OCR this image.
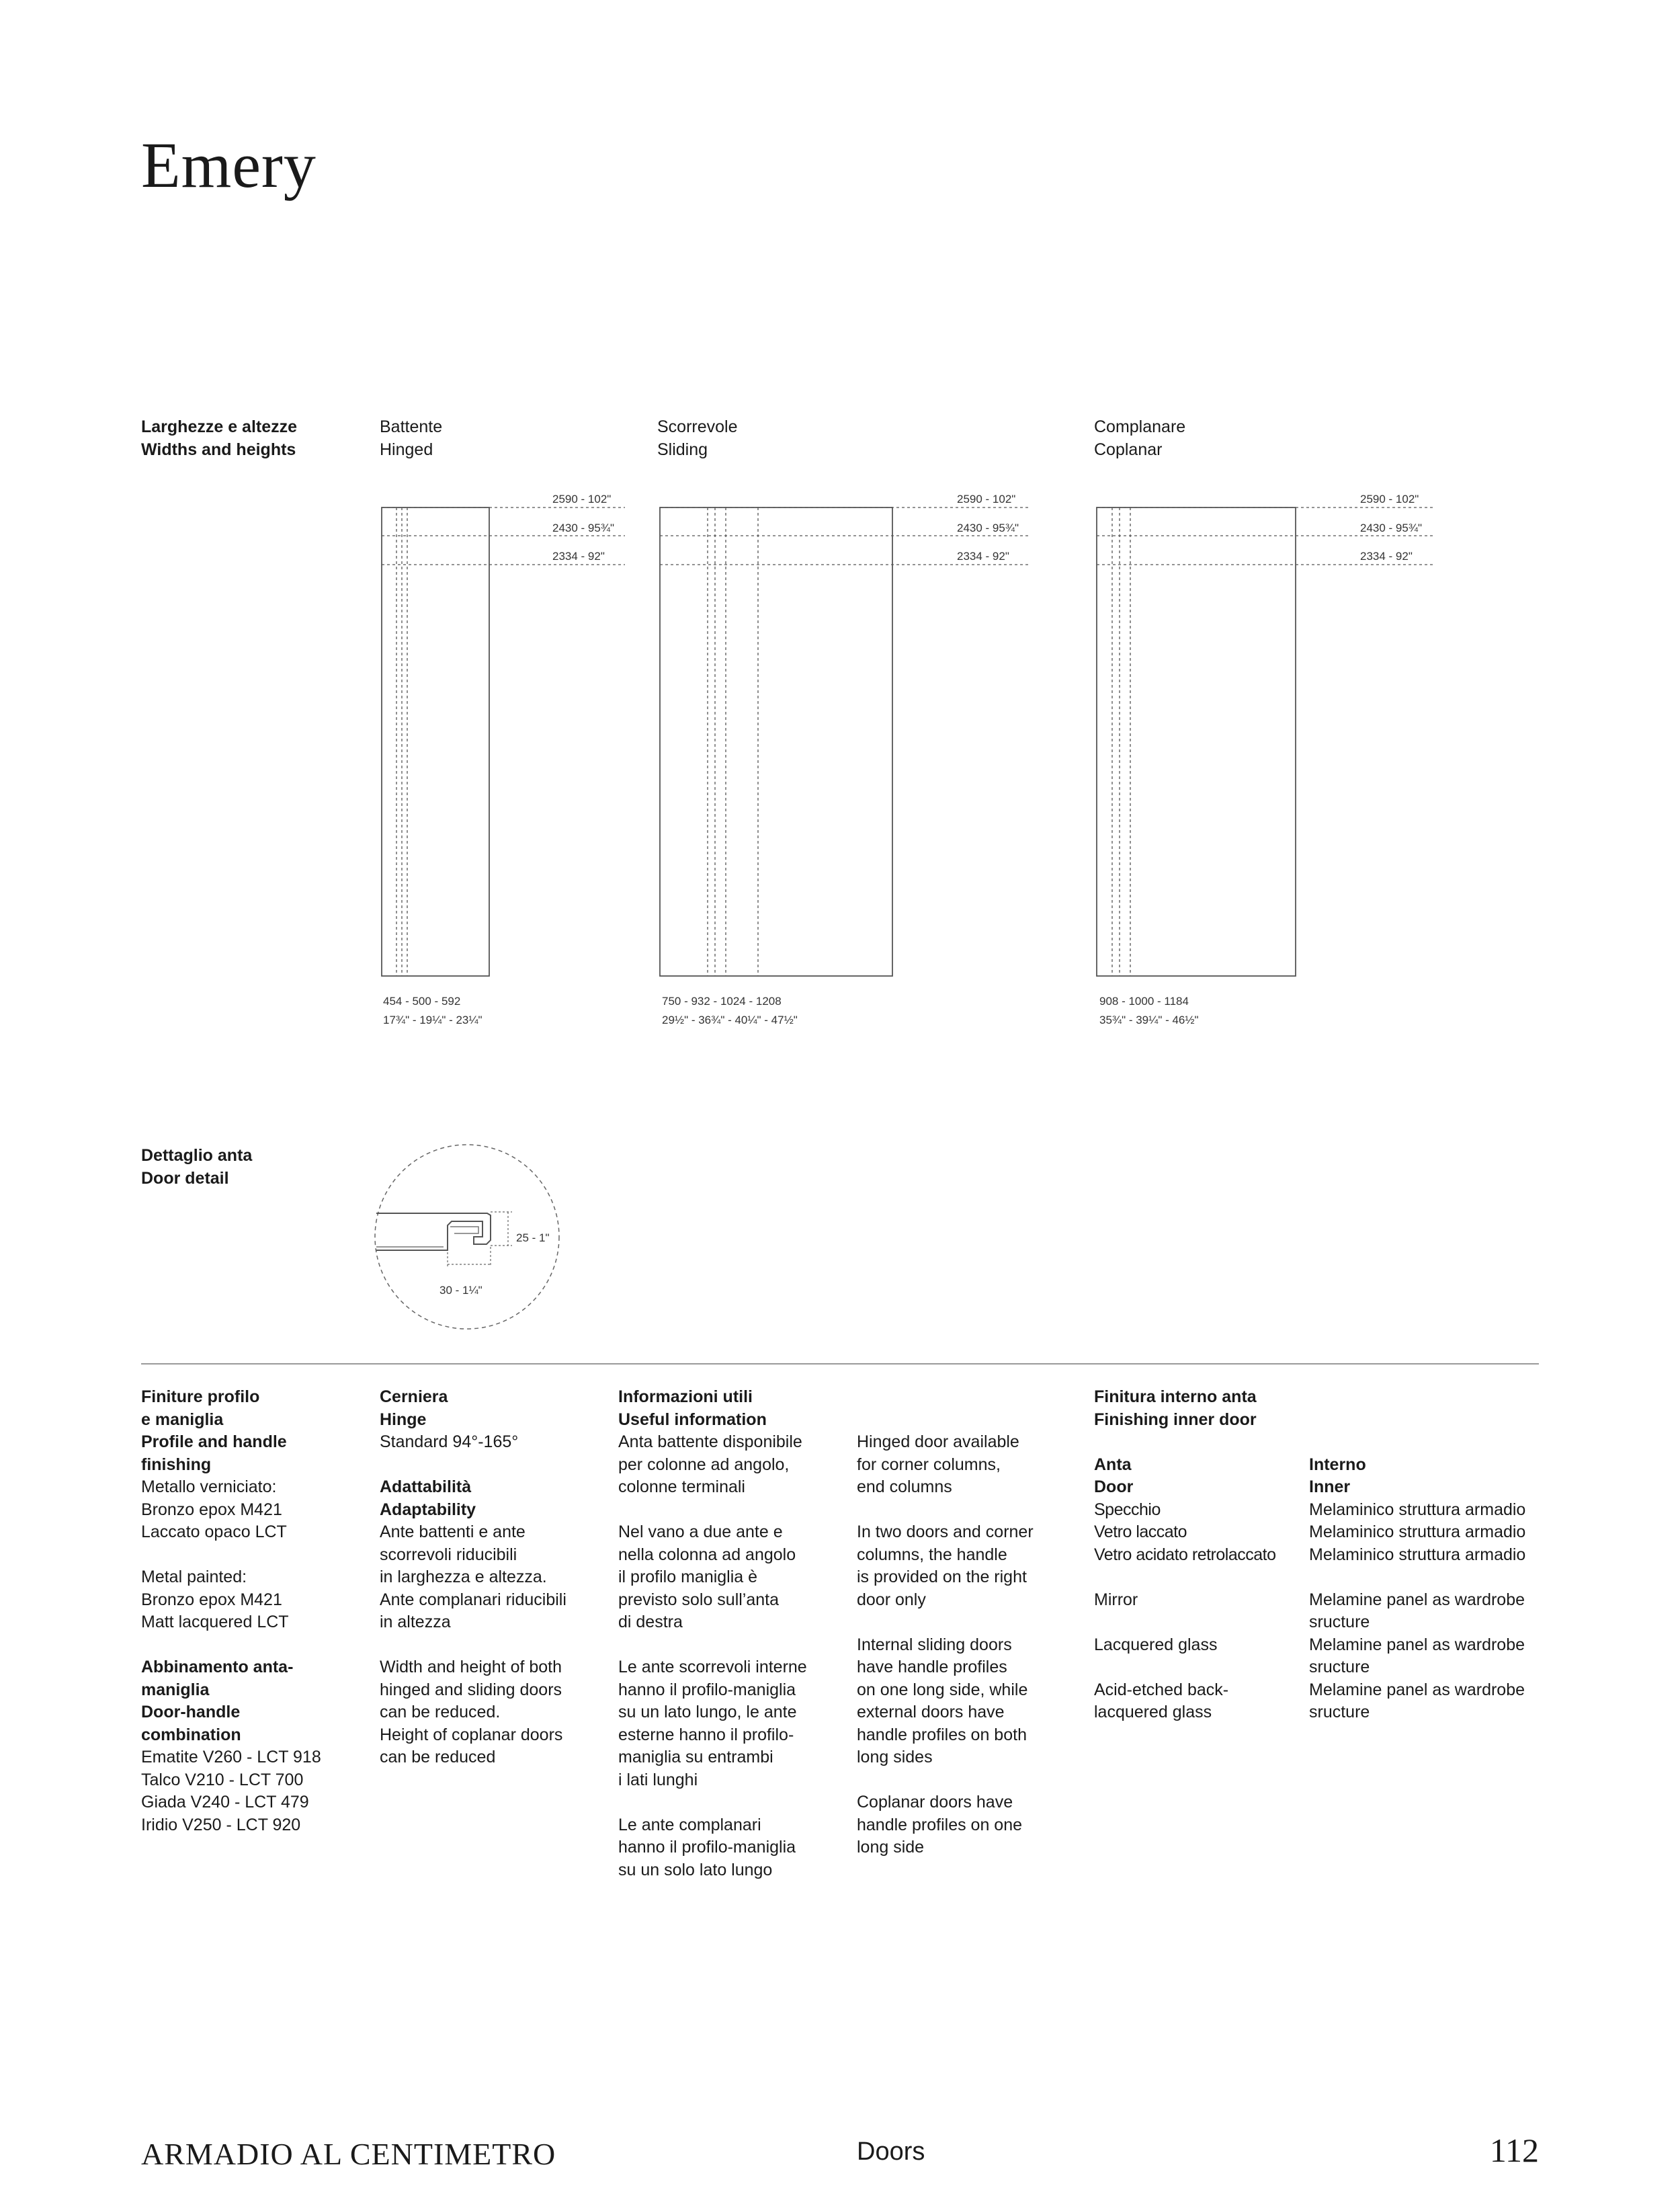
Emery
Larghezze e altezze
Widths and heights
Battente
Hinged
Scorrevole
Sliding
Complanare
Coplanar
2590 - 102"
2430 - 95¾"
2334 - 92"
2590 - 102"
2430 - 95¾"
2334 - 92"
2590 - 102"
2430 - 95¾"
2334 - 92"
454 - 500 - 592
17¾" - 19¼" - 23¼"
750 - 932 - 1024 - 1208
29½" - 36¾" - 40¼" - 47½"
908 - 1000 - 1184
35¾" - 39¼" - 46½"
Dettaglio anta
Door detail
25 - 1"
30 - 1¼"
Finiture profilo
e maniglia
Profile and handle
finishing
Metallo verniciato:
Bronzo epox M421
Laccato opaco LCT
Metal painted:
Bronzo epox M421
Matt lacquered LCT
Abbinamento anta-
maniglia
Door-handle
combination
Ematite V260 - LCT 918
Talco V210 - LCT 700
Giada V240 - LCT 479
Iridio V250 - LCT 920
Cerniera
Hinge
Standard 94°-165°
Adattabilità
Adaptability
Ante battenti e ante
scorrevoli riducibili
in larghezza e altezza.
Ante complanari riducibili
in altezza
Width and height of both
hinged and sliding doors
can be reduced.
Height of coplanar doors
can be reduced
Informazioni utili
Useful information
Anta battente disponibile
per colonne ad angolo,
colonne terminali
Nel vano a due ante e
nella colonna ad angolo
il profilo maniglia è
previsto solo sull’anta
di destra
Le ante scorrevoli interne
hanno il profilo-maniglia
su un lato lungo, le ante
esterne hanno il profilo-
maniglia su entrambi
i lati lunghi
Le ante complanari
hanno il profilo-maniglia
su un solo lato lungo
Hinged door available
for corner columns,
end columns
In two doors and corner
columns, the handle
is provided on the right
door only
Internal sliding doors
have handle profiles
on one long side, while
external doors have
handle profiles on both
long sides
Coplanar doors have
handle profiles on one
long side
Finitura interno anta
Finishing inner door
Anta
Door
Specchio
Vetro laccato
Vetro acidato retrolaccato
Mirror
Lacquered glass
Acid-etched back-
lacquered glass
Interno
Inner
Melaminico struttura armadio
Melaminico struttura armadio
Melaminico struttura armadio
Melamine panel as wardrobe
sructure
Melamine panel as wardrobe
sructure
Melamine panel as wardrobe
sructure
ARMADIO AL CENTIMETRO	Doors	112
